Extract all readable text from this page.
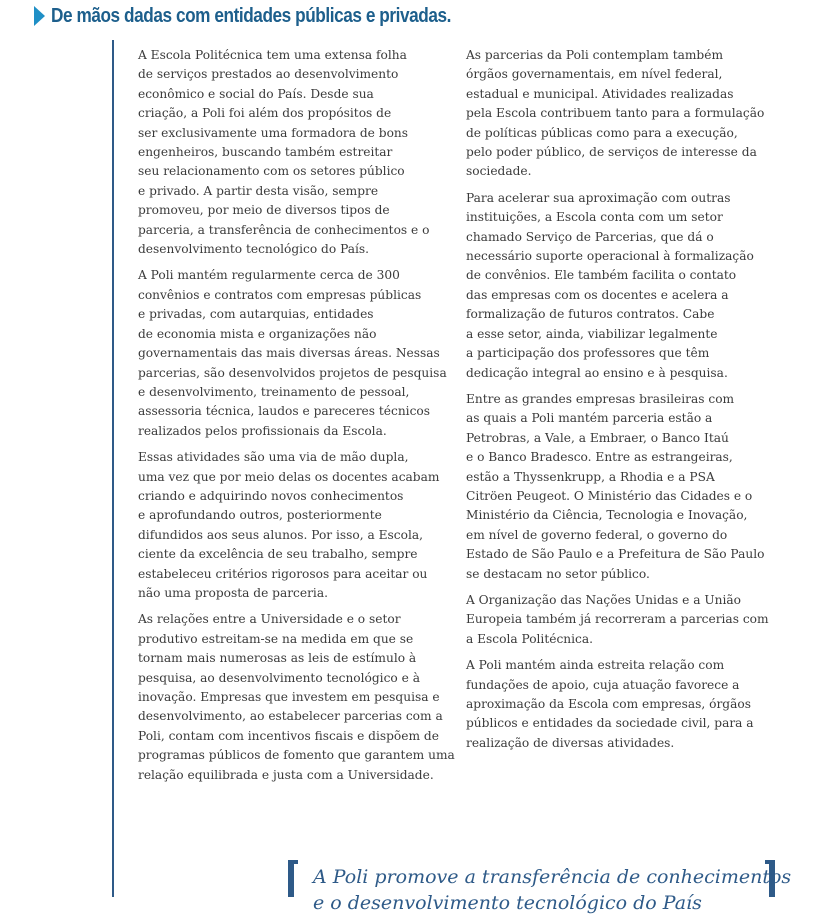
De mãos dadas com entidades públicas e privadas.

A Escola Politécnica tem uma extensa folha
de serviços prestados ao desenvolvimento
econômico e social do País. Desde sua
criação, a Poli foi além dos propósitos de
ser exclusivamente uma formadora de bons
engenheiros, buscando também estreitar
seu relacionamento com os setores público
e privado. A partir desta visão, sempre
promoveu, por meio de diversos tipos de
parceria, a transferência de conhecimentos e o
desenvolvimento tecnológico do País.

A Poli mantém regularmente cerca de 300
convênios e contratos com empresas públicas
e privadas, com autarquias, entidades
de economia mista e organizações não
governamentais das mais diversas áreas. Nessas
parcerias, são desenvolvidos projetos de pesquisa
e desenvolvimento, treinamento de pessoal,
assessoria técnica, laudos e pareceres técnicos
realizados pelos profissionais da Escola.

Essas atividades são uma via de mão dupla,
uma vez que por meio delas os docentes acabam
criando e adquirindo novos conhecimentos
e aprofundando outros, posteriormente
difundidos aos seus alunos. Por isso, a Escola,
ciente da excelência de seu trabalho, sempre
estabeleceu critérios rigorosos para aceitar ou
não uma proposta de parceria.

As relações entre a Universidade e o setor
produtivo estreitam-se na medida em que se
tornam mais numerosas as leis de estímulo à
pesquisa, ao desenvolvimento tecnológico e à
inovação. Empresas que investem em pesquisa e
desenvolvimento, ao estabelecer parcerias com a
Poli, contam com incentivos fiscais e dispõem de
programas públicos de fomento que garantem uma
relação equilibrada e justa com a Universidade.

As parcerias da Poli contemplam também
órgãos governamentais, em nível federal,
estadual e municipal. Atividades realizadas
pela Escola contribuem tanto para a formulação
de políticas públicas como para a execução,
pelo poder público, de serviços de interesse da
sociedade.

Para acelerar sua aproximação com outras
instituições, a Escola conta com um setor
chamado Serviço de Parcerias, que dá o
necessário suporte operacional à formalização
de convênios. Ele também facilita o contato
das empresas com os docentes e acelera a
formalização de futuros contratos. Cabe
a esse setor, ainda, viabilizar legalmente
a participação dos professores que têm
dedicação integral ao ensino e à pesquisa.

Entre as grandes empresas brasileiras com
as quais a Poli mantém parceria estão a
Petrobras, a Vale, a Embraer, o Banco Itaú
e o Banco Bradesco. Entre as estrangeiras,
estão a Thyssenkrupp, a Rhodia e a PSA
Citröen Peugeot. O Ministério das Cidades e o
Ministério da Ciência, Tecnologia e Inovação,
em nível de governo federal, o governo do
Estado de São Paulo e a Prefeitura de São Paulo
se destacam no setor público.

A Organização das Nações Unidas e a União
Europeia também já recorreram a parcerias com
a Escola Politécnica.

A Poli mantém ainda estreita relação com
fundações de apoio, cuja atuação favorece a
aproximação da Escola com empresas, órgãos
públicos e entidades da sociedade civil, para a
realização de diversas atividades.

A Poli promove a transferência de conhecimentos
e o desenvolvimento tecnológico do País
